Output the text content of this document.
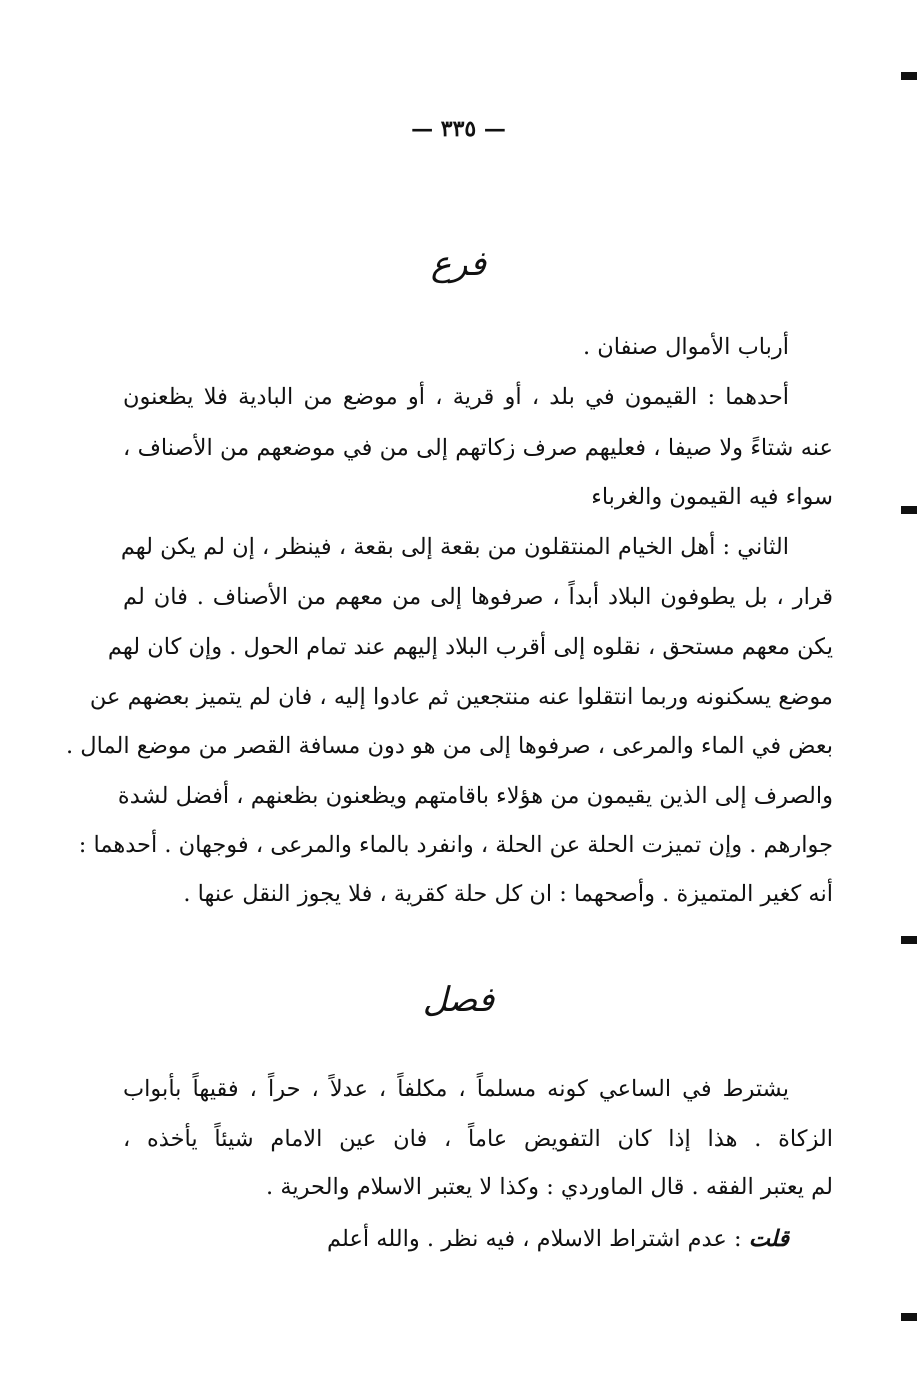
— ٣٣٥ —
فرع
أرباب الأموال صنفان .
أحدهما : القيمون في بلد ، أو قرية ، أو موضع من البادية فلا يظعنون
عنه شتاءً ولا صيفا ، فعليهم صرف زكاتهم إلى من في موضعهم من الأصناف ،
سواء فيه القيمون والغرباء
الثاني : أهل الخيام المنتقلون من بقعة إلى بقعة ، فينظر ، إن لم يكن لهم
قرار ، بل يطوفون البلاد أبداً ، صرفوها إلى من معهم من الأصناف . فان لم
يكن معهم مستحق ، نقلوه إلى أقرب البلاد إليهم عند تمام الحول . وإن كان لهم
موضع يسكنونه وربما انتقلوا عنه منتجعين ثم عادوا إليه ، فان لم يتميز بعضهم عن
بعض في الماء والمرعى ، صرفوها إلى من هو دون مسافة القصر من موضع المال .
والصرف إلى الذين يقيمون من هؤلاء باقامتهم ويظعنون بظعنهم ، أفضل لشدة
جوارهم . وإن تميزت الحلة عن الحلة ، وانفرد بالماء والمرعى ، فوجهان . أحدهما :
أنه كغير المتميزة . وأصحهما : ان كل حلة كقرية ، فلا يجوز النقل عنها .
فصل
يشترط في الساعي كونه مسلماً ، مكلفاً ، عدلاً ، حراً ، فقيهاً بأبواب
الزكاة . هذا إذا كان التفويض عاماً ، فان عين الامام شيئاً يأخذه ،
لم يعتبر الفقه . قال الماوردي : وكذا لا يعتبر الاسلام والحرية .
قلت : عدم اشتراط الاسلام ، فيه نظر . والله أعلم
